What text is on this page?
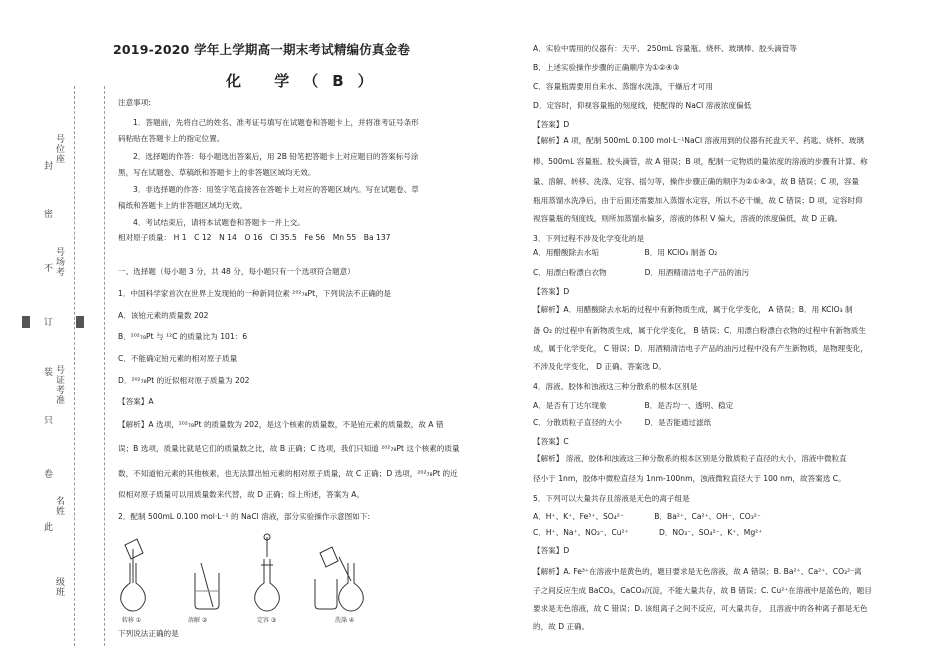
号位座
封
密
号场考
不
订
装 号证考准
只
卷
名姓
此
级班
2019-2020 学年上学期高一期末考试精编仿真金卷
化 学（B）
注意事项:
1．答题前，先将自己的姓名、准考证号填写在试题卷和答题卡上，并将准考证号条形
码粘贴在答题卡上的指定位置。
2．选择题的作答：每小题选出答案后，用 2B 铅笔把答题卡上对应题目的答案标号涂
黑，写在试题卷、草稿纸和答题卡上的非答题区域均无效。
3．非选择题的作答：用签字笔直接答在答题卡上对应的答题区域内。写在试题卷、草
稿纸和答题卡上的非答题区域均无效。
4．考试结束后，请将本试题卷和答题卡一并上交。
相对原子质量： H 1　C 12　N 14　O 16　Cl 35.5　Fe 56　Mn 55　Ba 137
一、选择题（每小题 3 分，共 48 分，每小题只有一个选项符合题意）
1．中国科学家首次在世界上发现铂的一种新同位素 ²⁰²₇₈Pt，下列说法不正确的是
A．该铂元素的质量数 202
B．²⁰²₇₈Pt 与 ¹²C 的质量比为 101：6
C．不能确定铂元素的相对原子质量
D．²⁰²₇₈Pt 的近似相对原子质量为 202
【答案】A
【解析】A 选项，²⁰²₇₈Pt 的质量数为 202，是这个核素的质量数，不是铂元素的质量数，故 A 错
误；B 选项，质量比就是它们的质量数之比，故 B 正确；C 选项，我们只知道 ²⁰²₇₈Pt 这个核素的质量
数，不知道铂元素的其他核素，也无法算出铂元素的相对原子质量，故 C 正确；D 选项，²⁰²₇₈Pt 的近
似相对原子质量可以用质量数来代替，故 D 正确；综上所述，答案为 A。
2．配制 500mL 0.100 mol·L⁻¹ 的 NaCl 溶液，部分实验操作示意图如下:
下列说法正确的是
转移 ①	溶解 ②	定容 ③	洗涤 ④
A．实验中需用的仪器有：天平、 250mL 容量瓶、烧杯、玻璃棒、胶头滴管等
B．上述实验操作步骤的正确顺序为①②④③
C．容量瓶需要用自来水、蒸馏水洗涤，干燥后才可用
D．定容时，仰视容量瓶的刻度线，使配得的 NaCl 溶液浓度偏低
【答案】D
【解析】A 项，配制 500mL 0.100 mol·L⁻¹NaCl 溶液用到的仪器有托盘天平、药匙、烧杯、玻璃
棒、500mL 容量瓶、胶头滴管，故 A 错误；B 项，配制一定物质的量浓度的溶液的步骤有计算、称
量、溶解、转移、洗涤、定容、摇匀等，操作步骤正确的顺序为②①④③，故 B 错误；C 项，容量
瓶用蒸馏水洗净后，由于后面还需要加入蒸馏水定容，所以不必干燥，故 C 错误；D 项，定容时仰
视容量瓶的刻度线，则所加蒸馏水偏多，溶液的体积 V 偏大，溶液的浓度偏低，故 D 正确。
3．下列过程不涉及化学变化的是
A．用醋酸除去水垢　　　　　　B．用 KClO₃ 制备 O₂
C．用漂白粉漂白衣物　　　　　D．用酒精清洁电子产品的油污
【答案】D
【解析】A．用醋酸除去水垢的过程中有新物质生成，属于化学变化， A 错误；B．用 KClO₃ 制
备 O₂ 的过程中有新物质生成，属于化学变化， B 错误；C．用漂白粉漂白衣物的过程中有新物质生
成，属于化学变化， C 错误；D．用酒精清洁电子产品的油污过程中没有产生新物质，是物理变化，
不涉及化学变化， D 正确。答案选 D。
4．溶液、胶体和浊液这三种分散系的根本区别是
A．是否有丁达尔现象　　　　　B．是否均一、透明、稳定
C．分散质粒子直径的大小　　　D．是否能通过滤纸
【答案】C
【解析】 溶液，胶体和浊液这三种分散系的根本区别是分散质粒子直径的大小，溶液中微粒直
径小于 1nm，胶体中微粒直径为 1nm-100nm，浊液微粒直径大于 100 nm，故答案选 C。
5．下列可以大量共存且溶液是无色的离子组是
A．H⁺、K⁺、Fe³⁺、SO₄²⁻　　　　B．Ba²⁺、Ca²⁺、OH⁻、CO₃²⁻
C．H⁺、Na⁺、NO₃⁻、Cu²⁺　　　　D．NO₃⁻、SO₄²⁻、K⁺、Mg²⁺
【答案】D
【解析】A. Fe³⁺在溶液中是黄色的，题目要求是无色溶液，故 A 错误；B. Ba²⁺、Ca²⁺、CO₃²⁻离
子之间反应生成 BaCO₃，CaCO₃沉淀，不能大量共存，故 B 错误；C. Cu²⁺在溶液中是蓝色的，题目
要求是无色溶液，故 C 错误；D. 该组离子之间不反应，可大量共存， 且溶液中的各种离子都是无色
的，故 D 正确。
